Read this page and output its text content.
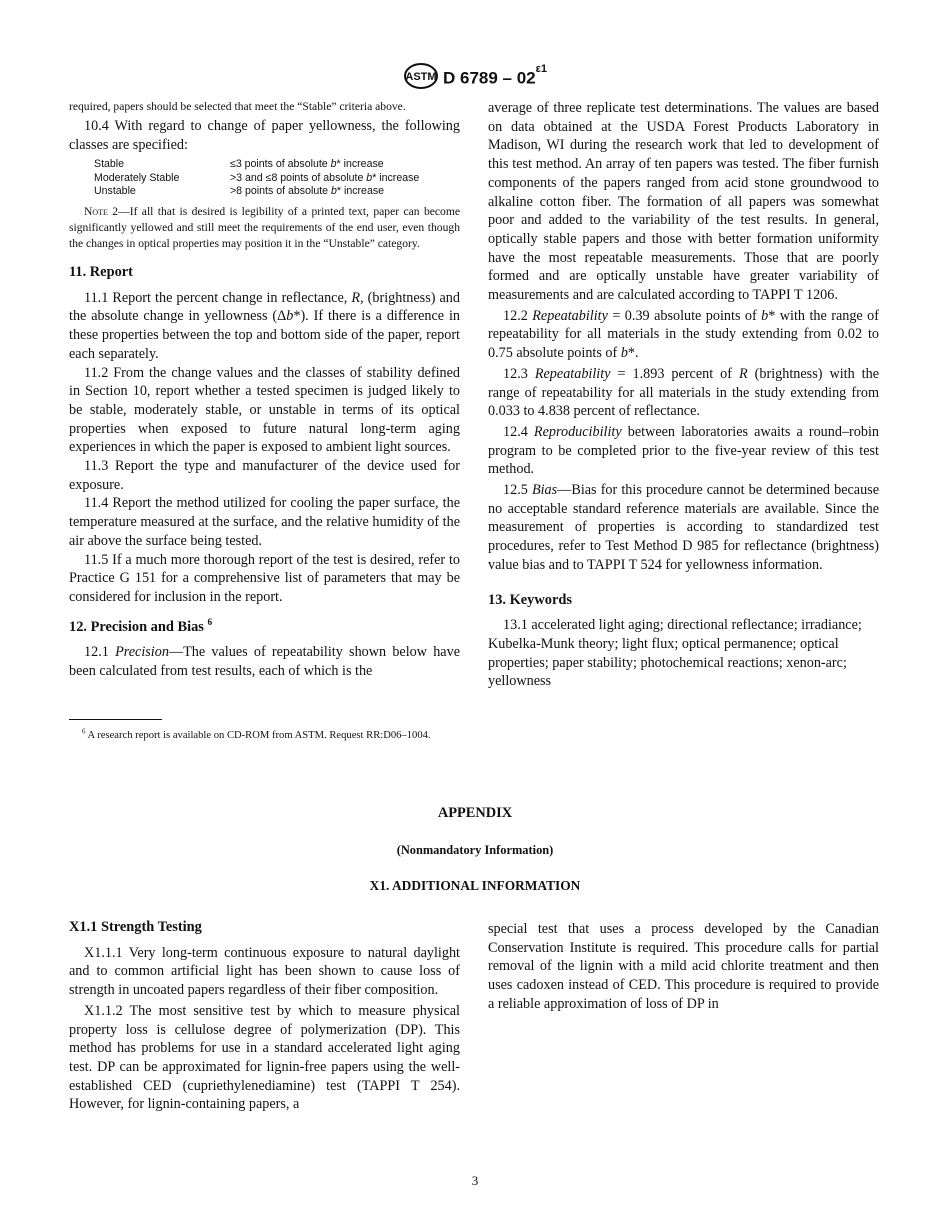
ASTM D $6789 - 02^{\varepsilon 1}$

required, papers should be selected that meet the “Stable” criteria above.

10.4 With regard to change of paper yellowness, the following classes are specified:

Stable	≤3 points of absolute b* increase
Moderately Stable	>3 and ≤8 points of absolute b* increase
Unstable	>8 points of absolute b* increase

Note 2—If all that is desired is legibility of a printed text, paper can become significantly yellowed and still meet the requirements of the end user, even though the changes in optical properties may position it in the “Unstable” category.

11. Report

11.1 Report the percent change in reflectance, R, (brightness) and the absolute change in yellowness (Δb*). If there is a difference in these properties between the top and bottom side of the paper, report each separately.

11.2 From the change values and the classes of stability defined in Section 10, report whether a tested specimen is judged likely to be stable, moderately stable, or unstable in terms of its optical properties when exposed to future natural long-term aging experiences in which the paper is exposed to ambient light sources.

11.3 Report the type and manufacturer of the device used for exposure.

11.4 Report the method utilized for cooling the paper surface, the temperature measured at the surface, and the relative humidity of the air above the surface being tested.

11.5 If a much more thorough report of the test is desired, refer to Practice G 151 for a comprehensive list of parameters that may be considered for inclusion in the report.

12. Precision and Bias $^6$

12.1 Precision—The values of repeatability shown below have been calculated from test results, each of which is the

$^6$ A research report is available on CD-ROM from ASTM. Request RR:D06–1004.

average of three replicate test determinations. The values are based on data obtained at the USDA Forest Products Laboratory in Madison, WI during the research work that led to development of this test method. An array of ten papers was tested. The fiber furnish components of the papers ranged from acid stone groundwood to alkaline cotton fiber. The formation of all papers was somewhat poor and added to the variability of the test results. In general, optically stable papers and those with better formation uniformity have the most repeatable measurements. Those that are poorly formed and are optically unstable have greater variability of measurements and are calculated according to TAPPI T 1206.

12.2 Repeatability = 0.39 absolute points of b* with the range of repeatability for all materials in the study extending from 0.02 to 0.75 absolute points of b*.

12.3 Repeatability = 1.893 percent of R (brightness) with the range of repeatability for all materials in the study extending from 0.033 to 4.838 percent of reflectance.

12.4 Reproducibility between laboratories awaits a round–robin program to be completed prior to the five-year review of this test method.

12.5 Bias—Bias for this procedure cannot be determined because no acceptable standard reference materials are available. Since the measurement of properties is according to standardized test procedures, refer to Test Method D 985 for reflectance (brightness) value bias and to TAPPI T 524 for yellowness information.

13. Keywords

13.1 accelerated light aging; directional reflectance; irradiance; Kubelka-Munk theory; light flux; optical permanence; optical properties; paper stability; photochemical reactions; xenon-arc; yellowness

APPENDIX
(Nonmandatory Information)
X1. ADDITIONAL INFORMATION

X1.1 Strength Testing

X1.1.1 Very long-term continuous exposure to natural daylight and to common artificial light has been shown to cause loss of strength in uncoated papers regardless of their fiber composition.

X1.1.2 The most sensitive test by which to measure physical property loss is cellulose degree of polymerization (DP). This method has problems for use in a standard accelerated light aging test. DP can be approximated for lignin-free papers using the well-established CED (cupriethylenediamine) test (TAPPI T 254). However, for lignin-containing papers, a

special test that uses a process developed by the Canadian Conservation Institute is required. This procedure calls for partial removal of the lignin with a mild acid chlorite treatment and then uses cadoxen instead of CED. This procedure is required to provide a reliable approximation of loss of DP in

3
